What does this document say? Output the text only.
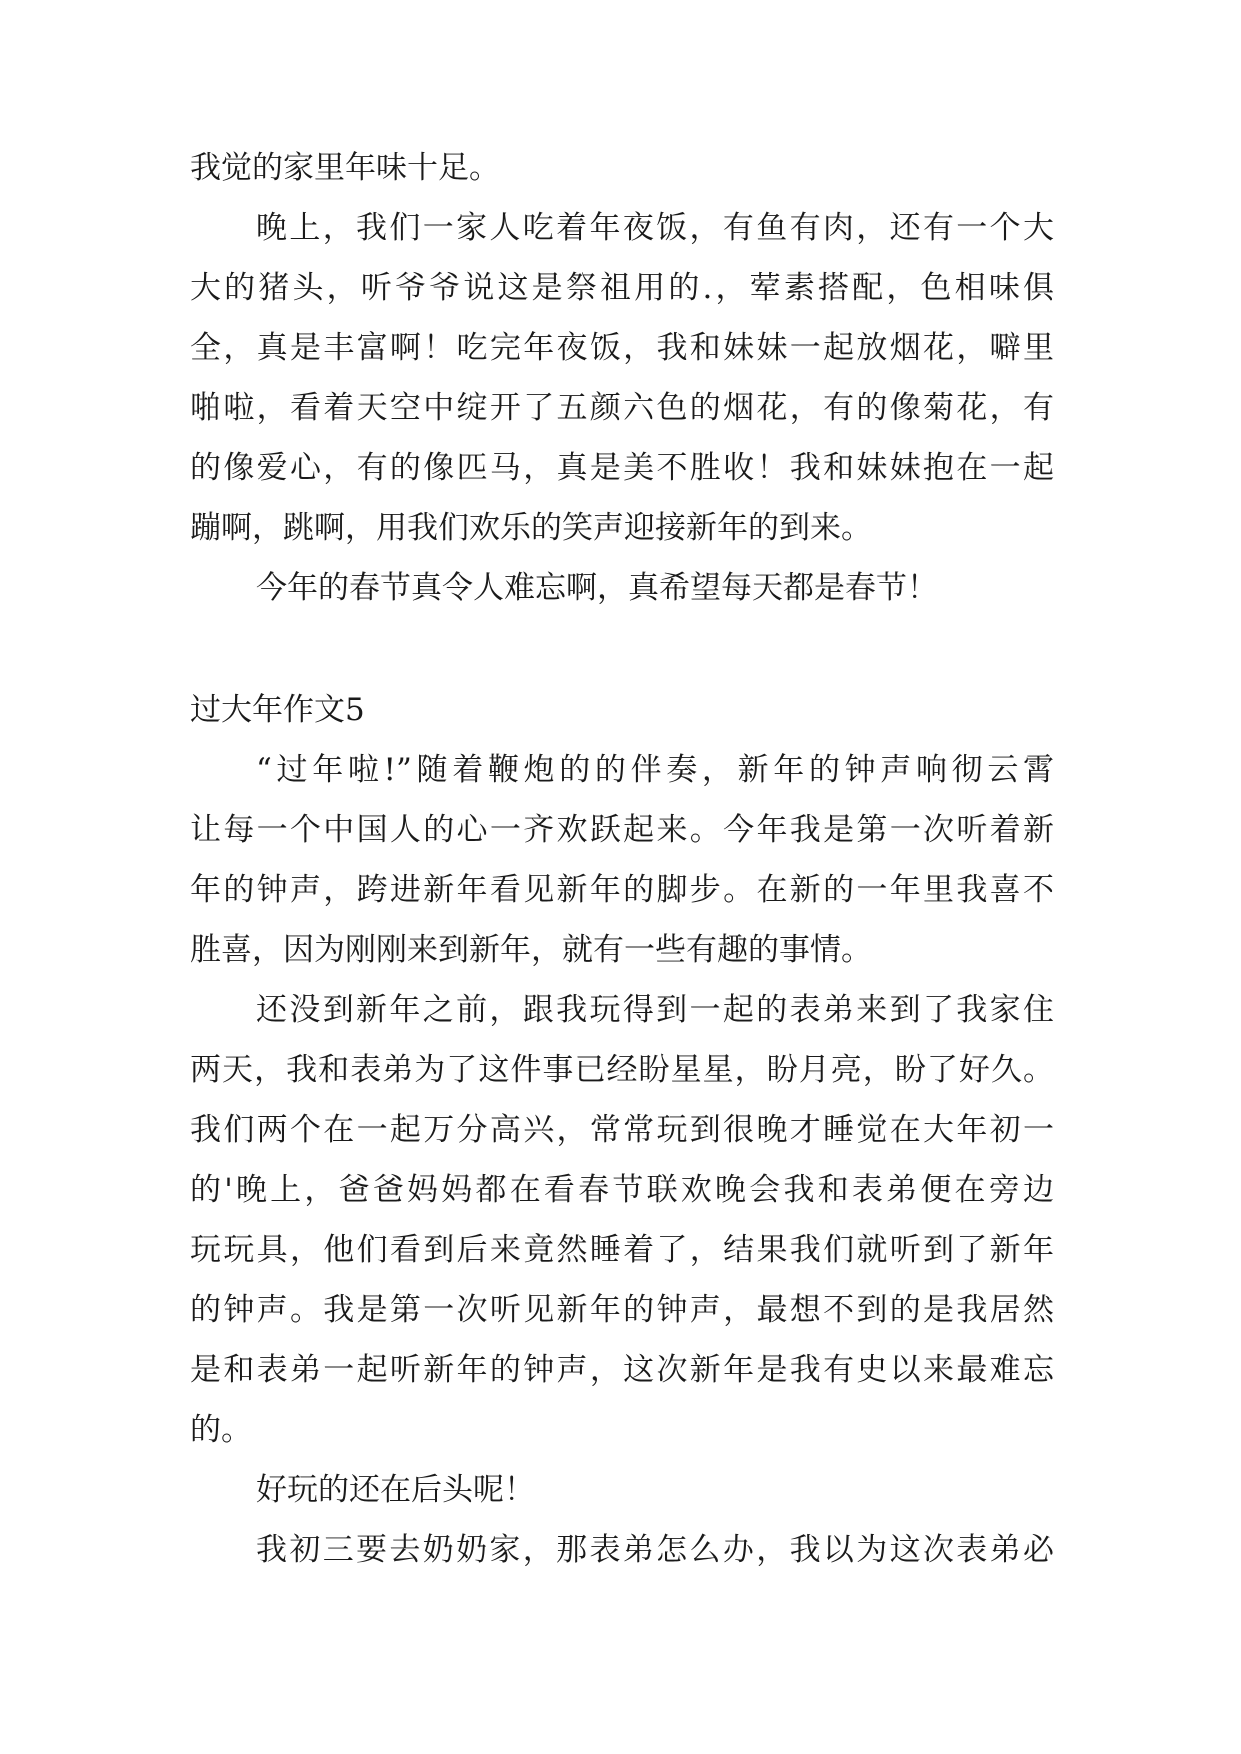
我觉的家里年味十足。
晚上，我们一家人吃着年夜饭，有鱼有肉，还有一个大
大的猪头，听爷爷说这是祭祖用的.，荤素搭配，色相味俱
全，真是丰富啊！吃完年夜饭，我和妹妹一起放烟花，噼里
啪啦，看着天空中绽开了五颜六色的烟花，有的像菊花，有
的像爱心，有的像匹马，真是美不胜收！我和妹妹抱在一起
蹦啊，跳啊，用我们欢乐的笑声迎接新年的到来。
今年的春节真令人难忘啊，真希望每天都是春节！
过大年作文5
“过年啦!”随着鞭炮的的伴奏，新年的钟声响彻云霄
让每一个中国人的心一齐欢跃起来。今年我是第一次听着新
年的钟声，跨进新年看见新年的脚步。在新的一年里我喜不
胜喜，因为刚刚来到新年，就有一些有趣的事情。
还没到新年之前，跟我玩得到一起的表弟来到了我家住
两天，我和表弟为了这件事已经盼星星，盼月亮，盼了好久。
我们两个在一起万分高兴，常常玩到很晚才睡觉在大年初一
的'晚上，爸爸妈妈都在看春节联欢晚会我和表弟便在旁边
玩玩具，他们看到后来竟然睡着了，结果我们就听到了新年
的钟声。我是第一次听见新年的钟声，最想不到的是我居然
是和表弟一起听新年的钟声，这次新年是我有史以来最难忘
的。
好玩的还在后头呢！
我初三要去奶奶家，那表弟怎么办，我以为这次表弟必
